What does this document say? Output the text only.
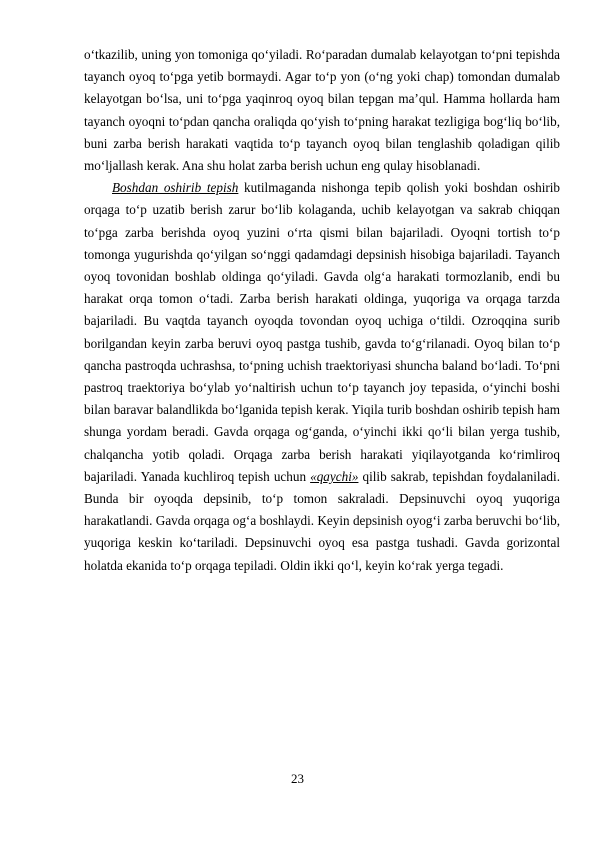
o‘tkazilib, uning yon tomoniga qo‘yiladi. Ro‘paradan dumalab kelayotgan to‘pni tepishda tayanch oyoq to‘pga yetib bormaydi. Agar to‘p yon (o‘ng yoki chap) tomondan dumalab kelayotgan bo‘lsa, uni to‘pga yaqinroq oyoq bilan tepgan ma’qul. Hamma hollarda ham tayanch oyoqni to‘pdan qancha oraliqda qo‘yish to‘pning harakat tezligiga bog‘liq bo‘lib, buni zarba berish harakati vaqtida to‘p tayanch oyoq bilan tenglashib qoladigan qilib mo‘ljallash kerak. Ana shu holat zarba berish uchun eng qulay hisoblanadi.

Boshdan oshirib tepish kutilmaganda nishonga tepib qolish yoki boshdan oshirib orqaga to‘p uzatib berish zarur bo‘lib kolaganda, uchib kelayotgan va sakrab chiqqan to‘pga zarba berishda oyoq yuzini o‘rta qismi bilan bajariladi. Oyoqni tortish to‘p tomonga yugurishda qo‘yilgan so‘nggi qadamdagi depsinish hisobiga bajariladi. Tayanch oyoq tovonidan boshlab oldinga qo‘yiladi. Gavda olg‘a harakati tormozlanib, endi bu harakat orqa tomon o‘tadi. Zarba berish harakati oldinga, yuqoriga va orqaga tarzda bajariladi. Bu vaqtda tayanch oyoqda tovondan oyoq uchiga o‘tildi. Ozroqqina surib borilgandan keyin zarba beruvi oyoq pastga tushib, gavda to‘g‘rilanadi. Oyoq bilan to‘p qancha pastroqda uchrashsa, to‘pning uchish traektoriyasi shuncha baland bo‘ladi. To‘pni pastroq traektoriya bo‘ylab yo‘naltirish uchun to‘p tayanch joy tepasida, o‘yinchi boshi bilan baravar balandlikda bo‘lganida tepish kerak. Yiqila turib boshdan oshirib tepish ham shunga yordam beradi. Gavda orqaga og‘ganda, o‘yinchi ikki qo‘li bilan yerga tushib, chalqancha yotib qoladi. Orqaga zarba berish harakati yiqilayotganda ko‘rimliroq bajariladi. Yanada kuchliroq tepish uchun «qaychi» qilib sakrab, tepishdan foydalaniladi. Bunda bir oyoqda depsinib, to‘p tomon sakraladi. Depsinuvchi oyoq yuqoriga harakatlandi. Gavda orqaga og‘a boshlaydi. Keyin depsinish oyog‘i zarba beruvchi bo‘lib, yuqoriga keskin ko‘tariladi. Depsinuvchi oyoq esa pastga tushadi. Gavda gorizontal holatda ekanida to‘p orqaga tepiladi. Oldin ikki qo‘l, keyin ko‘rak yerga tegadi.

23
